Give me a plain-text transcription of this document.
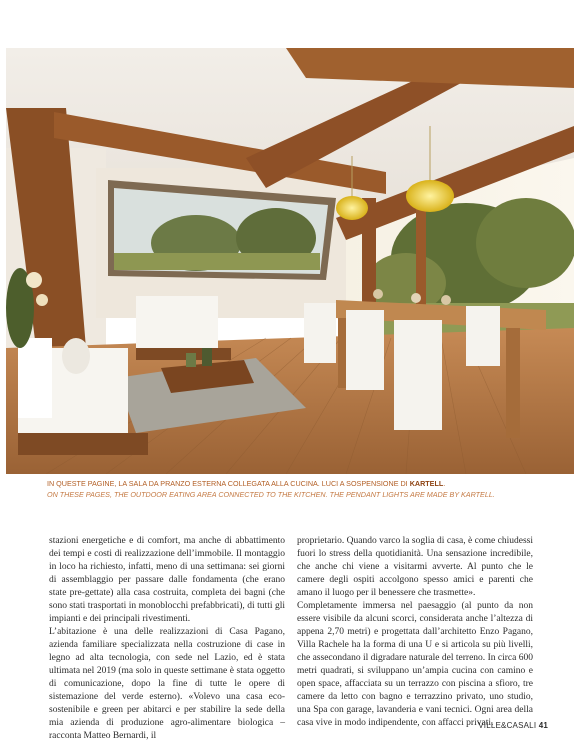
IN QUESTE PAGINE, LA SALA DA PRANZO ESTERNA COLLEGATA ALLA CUCINA. LUCI A SOSPENSIONE DI KARTELL.
ON THESE PAGES, THE OUTDOOR EATING AREA CONNECTED TO THE KITCHEN. THE PENDANT LIGHTS ARE MADE BY KARTELL.

stazioni energetiche e di comfort, ma anche di abbattimento dei tempi e costi di realizzazione dell’immobile. Il montaggio in loco ha richiesto, infatti, meno di una settimana: sei giorni di assemblaggio per passare dalle fondamenta (che erano state pre-gettate) alla casa costruita, completa dei bagni (che sono stati trasportati in monoblocchi prefabbricati), di tutti gli impianti e dei principali rivestimenti.

L’abitazione è una delle realizzazioni di Casa Pagano, azienda familiare specializzata nella costruzione di case in legno ad alta tecnologia, con sede nel Lazio, ed è stata ultimata nel 2019 (ma solo in queste settimane è stata oggetto di comunicazione, dopo la fine di tutte le opere di sistemazione del verde esterno). «Volevo una casa eco-sostenibile e green per abitarci e per stabilire la sede della mia azienda di produzione agro-alimentare biologica – racconta Matteo Bernardi, il

proprietario. Quando varco la soglia di casa, è come chiudessi fuori lo stress della quotidianità. Una sensazione incredibile, che anche chi viene a visitarmi avverte. Al punto che le camere degli ospiti accolgono spesso amici e parenti che amano il luogo per il benessere che trasmette».

Completamente immersa nel paesaggio (al punto da non essere visibile da alcuni scorci, considerata anche l’altezza di appena 2,70 metri) e progettata dall’architetto Enzo Pagano, Villa Rachele ha la forma di una U e si articola su più livelli, che assecondano il digradare naturale del terreno. In circa 600 metri quadrati, si sviluppano un’ampia cucina con camino e open space, affacciata su un terrazzo con piscina a sfioro, tre camere da letto con bagno e terrazzino privato, uno studio, una Spa con garage, lavanderia e vani tecnici. Ogni area della casa vive in modo indipendente, con affacci privati.

VILLE&CASALI 41
